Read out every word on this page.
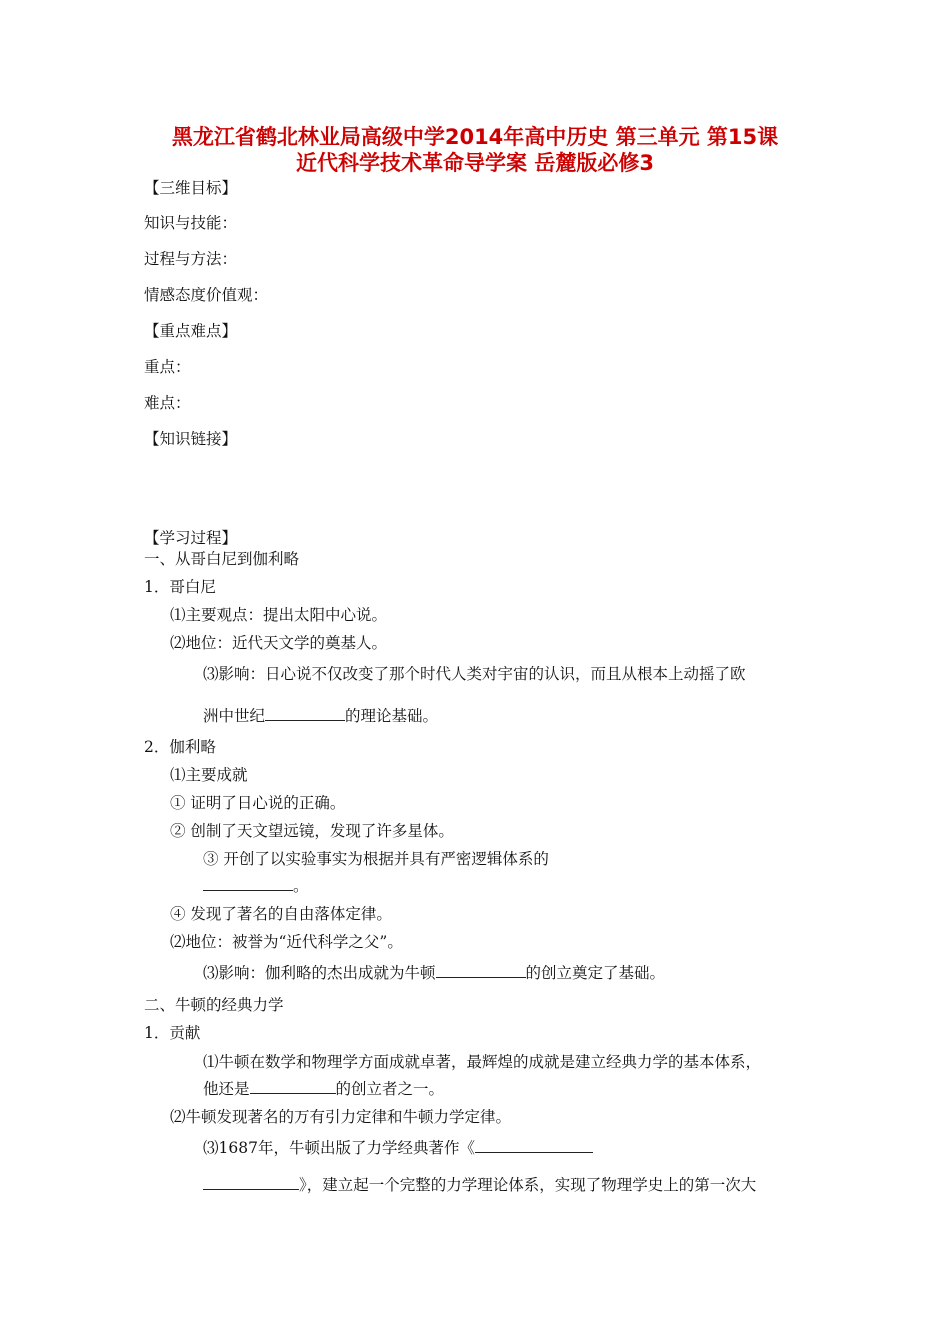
黑龙江省鹤北林业局高级中学2014年高中历史 第三单元 第15课
近代科学技术革命导学案 岳麓版必修3
【三维目标】
知识与技能：
过程与方法：
情感态度价值观：
【重点难点】
重点：
难点：
【知识链接】
【学习过程】
一、从哥白尼到伽利略
1．哥白尼
⑴主要观点：提出太阳中心说。
⑵地位：近代天文学的奠基人。
⑶影响：日心说不仅改变了那个时代人类对宇宙的认识，而且从根本上动摇了欧
洲中世纪	的理论基础。
2．伽利略
⑴主要成就
① 证明了日心说的正确。
② 创制了天文望远镜，发现了许多星体。
③ 开创了以实验事实为根据并具有严密逻辑体系的
。
④ 发现了著名的自由落体定律。
⑵地位：被誉为“近代科学之父”。
⑶影响：伽利略的杰出成就为牛顿	的创立奠定了基础。
二、牛顿的经典力学
1．贡献
⑴牛顿在数学和物理学方面成就卓著，最辉煌的成就是建立经典力学的基本体系，
他还是	的创立者之一。
⑵牛顿发现著名的万有引力定律和牛顿力学定律。
⑶1687年，牛顿出版了力学经典著作《
》，建立起一个完整的力学理论体系，实现了物理学史上的第一次大
